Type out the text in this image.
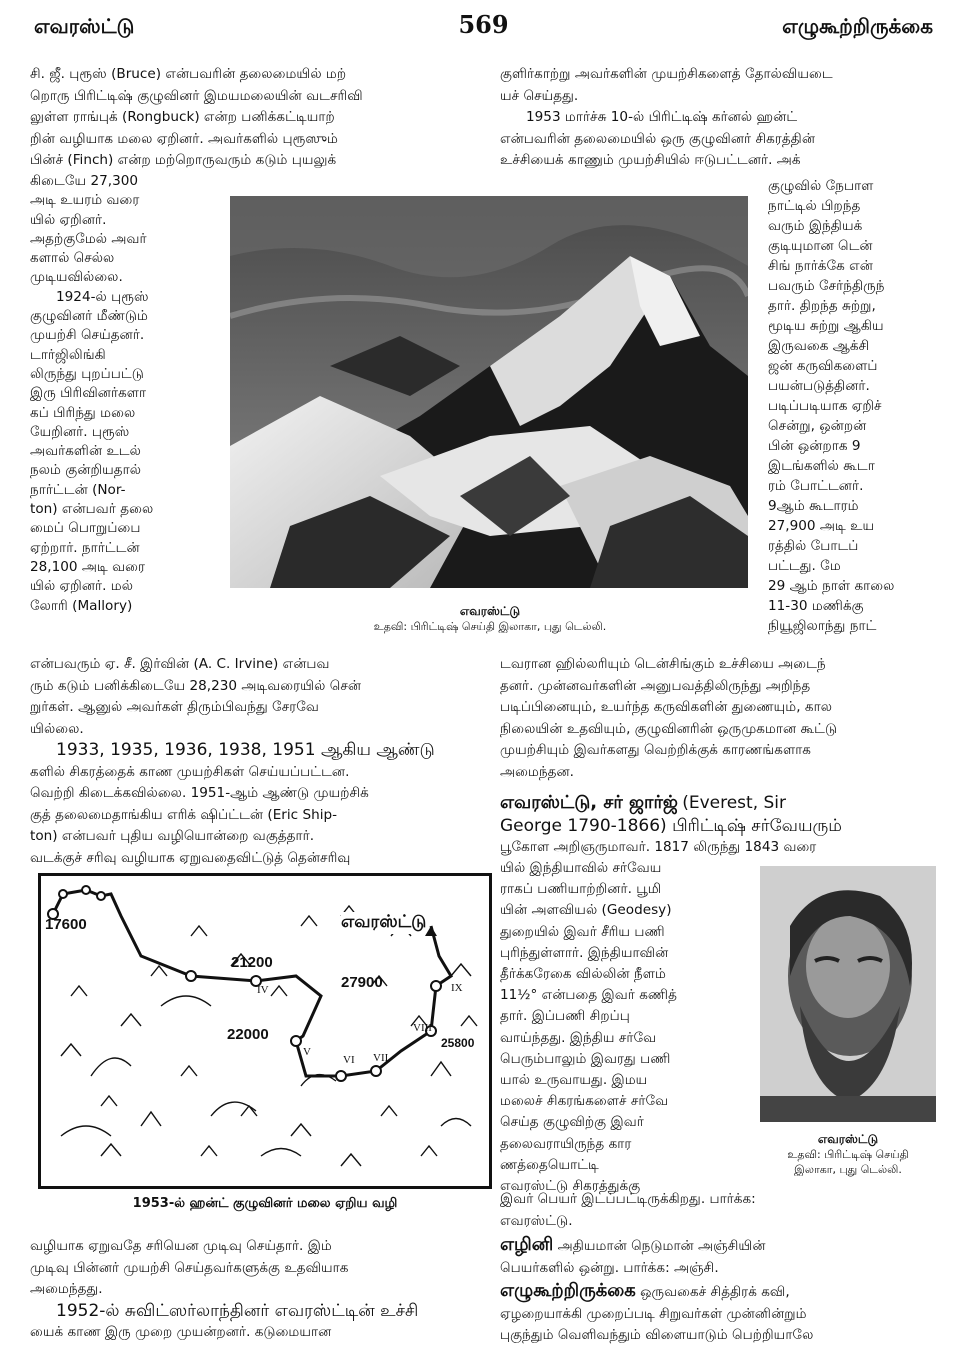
எவரஸ்ட்டு	569	எழுகூற்றிருக்கை

சி. ஜீ. புரூஸ் (Bruce) என்பவரின் தலைமையில் மற்

றொரு பிரிட்டிஷ் குழுவினர் இமயமலையின் வடசரிவி

லுள்ள ராங்புக் (Rongbuck) என்ற பனிக்கட்டியாற்

றின் வழியாக மலை ஏறினர். அவர்களில் புரூஸும்

பின்ச் (Finch) என்ற மற்றொருவரும் கடும் புயலுக்

கிடையே 27,300

அடி உயரம் வரை

யில் ஏறினர்.

அதற்குமேல் அவர்

களால் செல்ல

முடியவில்லை.

1924-ல் புரூஸ்

குழுவினர் மீண்டும்

முயற்சி செய்தனர்.

டார்ஜிலிங்கி

லிருந்து புறப்பட்டு

இரு பிரிவினர்களா

கப் பிரிந்து மலை

யேறினர். புரூஸ்

அவர்களின் உடல்

நலம் குன்றியதால்

நார்ட்டன் (Nor-

ton) என்பவர் தலை

மைப் பொறுப்பை

ஏற்றார். நார்ட்டன்

28,100 அடி வரை

யில் ஏறினர். மல்

லோரி (Mallory)	எவரஸ்ட்டு
உதவி: பிரிட்டிஷ் செய்தி இலாகா, புது டெல்லி.

என்பவரும் ஏ. சீ. இர்வின் (A. C. Irvine) என்பவ

ரும் கடும் பனிக்கிடையே 28,230 அடிவரையில் சென்

றுர்கள். ஆனுல் அவர்கள் திரும்பிவந்து சேரவே

யில்லை.

1933, 1935, 1936, 1938, 1951 ஆகிய ஆண்டு

களில் சிகரத்தைக் காண முயற்சிகள் செய்யப்பட்டன.

வெற்றி கிடைக்கவில்லை. 1951-ஆம் ஆண்டு முயற்சிக்

குத் தலைமைதாங்கிய எரிக் ஷிப்ட்டன் (Eric Ship-

ton) என்பவர் புதிய வழியொன்றை வகுத்தார்.

வடக்குச் சரிவு வழியாக ஏறுவதைவிட்டுத் தென்சரிவு

17600
21200
22000
27900
25800
எவரஸ்ட்டு
IV
V
VI VII
VIII
IX
1953-ல் ஹன்ட் குழுவினர் மலை ஏறிய வழி

வழியாக ஏறுவதே சரியென முடிவு செய்தார். இம்

முடிவு பின்னர் முயற்சி செய்தவர்களுக்கு உதவியாக

அமைந்தது.

1952-ல் சுவிட்ஸர்லாந்தினர் எவரஸ்ட்டின் உச்சி

யைக் காண இரு முறை முயன்றனர். கடுமையான

குளிர்காற்று அவர்களின் முயற்சிகளைத் தோல்வியடை

யச் செய்தது.

1953 மார்ச்சு 10-ல் பிரிட்டிஷ் கர்னல் ஹன்ட்

என்பவரின் தலைமையில் ஒரு குழுவினர் சிகரத்தின்

உச்சியைக் காணும் முயற்சியில் ஈடுபட்டனர். அக்

குழுவில் நேபாள

நாட்டில் பிறந்த

வரும் இந்தியக்

குடியுமான டென்

சிங் நார்க்கே என்

பவரும் சேர்ந்திருந்

தார். திறந்த சுற்று,

மூடிய சுற்று ஆகிய

இருவகை ஆக்சி

ஜன் கருவிகளைப்

பயன்படுத்தினர்.

படிப்படியாக ஏறிச்

சென்று, ஒன்றன்

பின் ஒன்றாக 9

இடங்களில் கூடா

ரம் போட்டனர்.

9ஆம் கூடாரம்

27,900 அடி உய

ரத்தில் போடப்

பட்டது. மே

29 ஆம் நாள் காலை

11-30 மணிக்கு

நியூஜிலாந்து நாட்

டவரான ஹில்லரியும் டென்சிங்கும் உச்சியை அடைந்

தனர். முன்னவர்களின் அனுபவத்திலிருந்து அறிந்த

படிப்பினையும், உயர்ந்த கருவிகளின் துணையும், கால

நிலையின் உதவியும், குழுவினரின் ஒருமுகமான கூட்டு

முயற்சியும் இவர்களது வெற்றிக்குக் காரணங்களாக

அமைந்தன.

எவரஸ்ட்டு, சர் ஜார்ஜ் (Everest, Sir

George 1790-1866) பிரிட்டிஷ் சர்வேயரும்

பூகோள அறிஞருமாவர். 1817 லிருந்து 1843 வரை

யில் இந்தியாவில் சர்வேய

ராகப் பணியாற்றினர். பூமி

யின் அளவியல் (Geodesy)

துறையில் இவர் சீரிய பணி

புரிந்துள்ளார். இந்தியாவின்

தீர்க்கரேகை வில்லின் நீளம்

11½° என்பதை இவர் கணித்

தார். இப்பணி சிறப்பு

வாய்ந்தது. இந்திய சர்வே

பெரும்பாலும் இவரது பணி

யால் உருவாயது. இமய

மலைச் சிகரங்களைச் சர்வே

செய்த குழுவிற்கு இவர்

தலைவராயிருந்த கார

ணத்தையொட்டி

எவரஸ்ட்டு சிகரத்துக்கு

எவரஸ்ட்டு
உதவி: பிரிட்டிஷ் செய்தி
இலாகா, புது டெல்லி.

இவர் பெயர் இடப்பட்டிருக்கிறது. பார்க்க:

எவரஸ்ட்டு.

எழினி அதியமான் நெடுமான் அஞ்சியின்

பெயர்களில் ஒன்று. பார்க்க: அஞ்சி.

எழுகூற்றிருக்கை ஒருவகைச் சித்திரக் கவி,

ஏழறையாக்கி முறைப்படி சிறுவர்கள் முன்னின்றும்

புகுந்தும் வெளிவந்தும் விளையாடும் பெற்றியாலே
